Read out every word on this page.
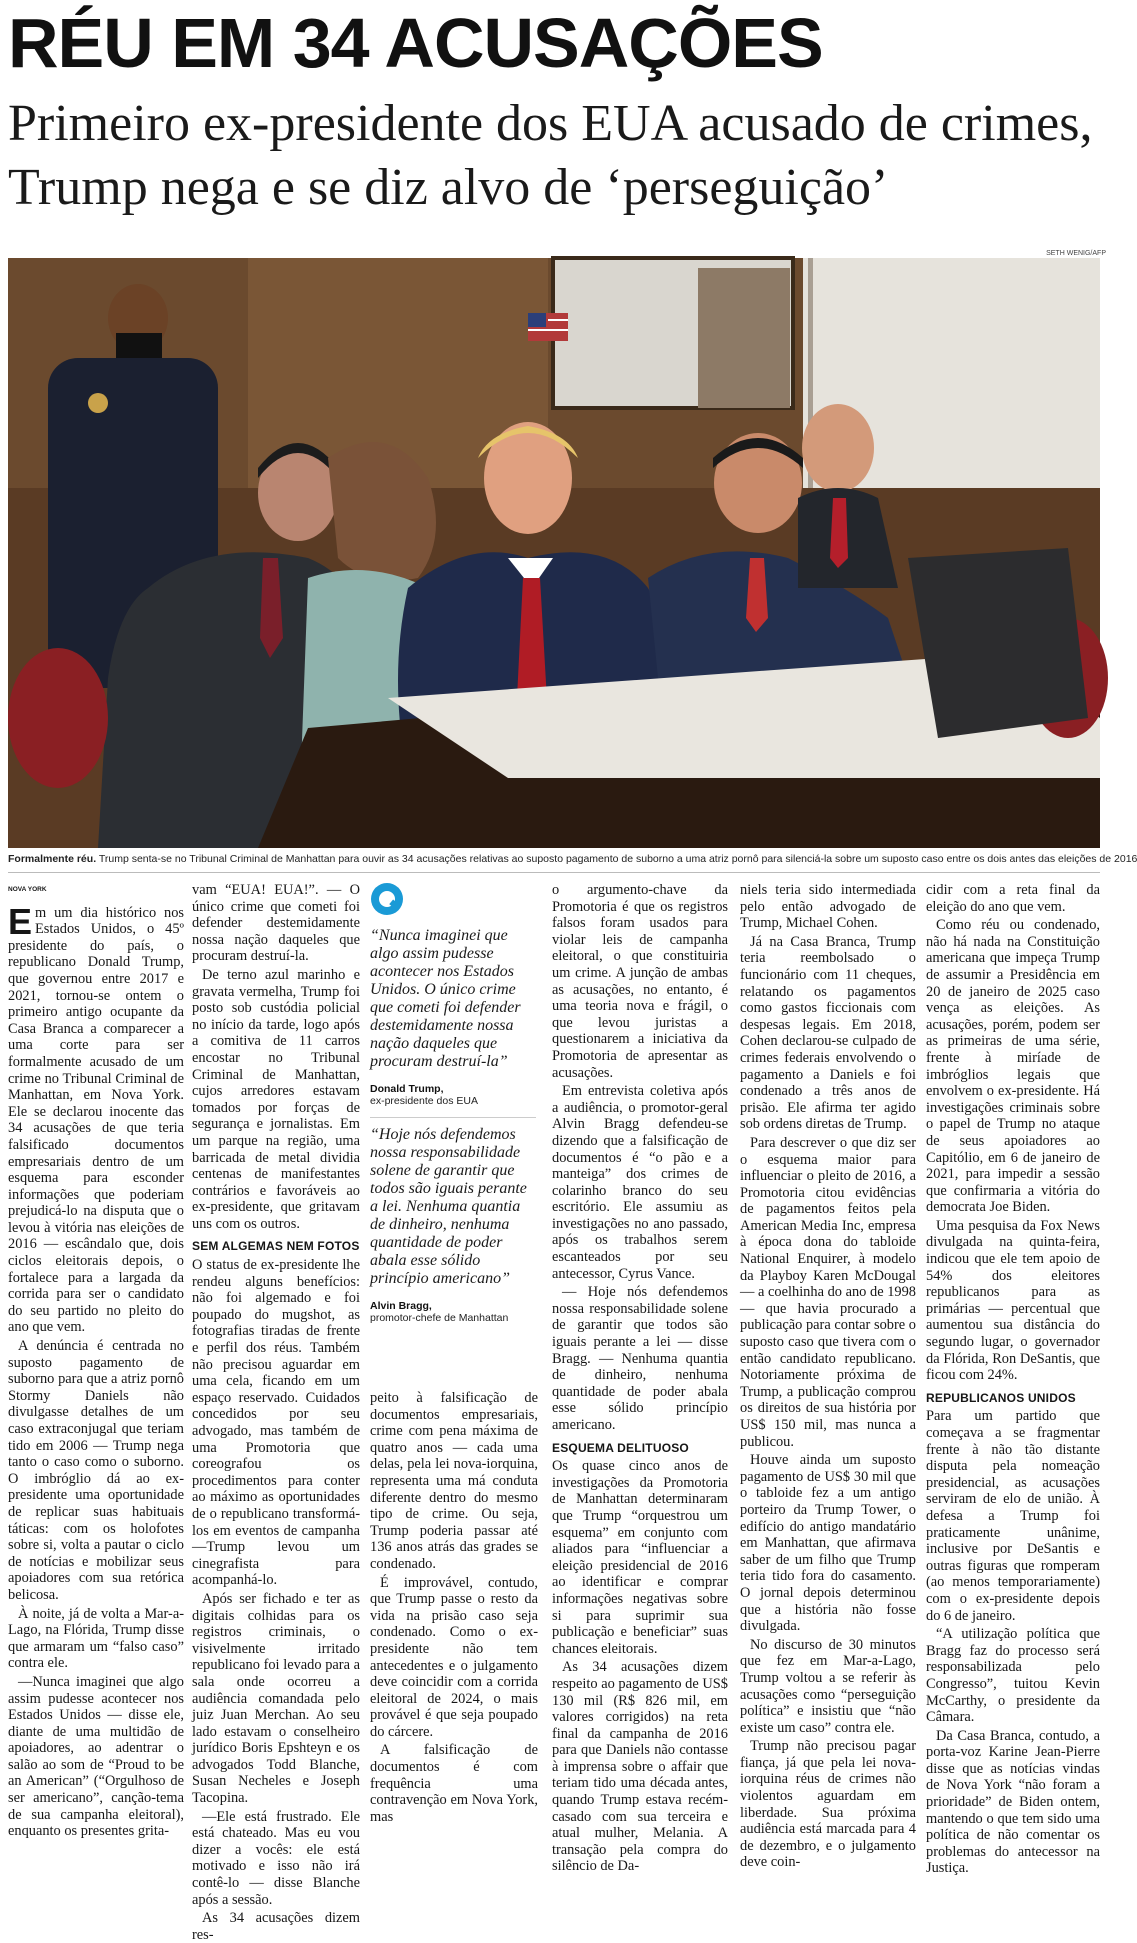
RÉU EM 34 ACUSAÇÕES
Primeiro ex-presidente dos EUA acusado de crimes, Trump nega e se diz alvo de ‘perseguição’
SETH WENIG/AFP
Formalmente réu. Trump senta-se no Tribunal Criminal de Manhattan para ouvir as 34 acusações relativas ao suposto pagamento de suborno a uma atriz pornô para silenciá-la sobre um suposto caso entre os dois antes das eleições de 2016
NOVA YORK

Em um dia histórico nos Estados Unidos, o 45º presidente do país, o republicano Donald Trump, que governou entre 2017 e 2021, tornou-se ontem o primeiro antigo ocupante da Casa Branca a comparecer a uma corte para ser formalmente acusado de um crime no Tribunal Criminal de Manhattan, em Nova York. Ele se declarou inocente das 34 acusações de que teria falsificado documentos empresariais dentro de um esquema para esconder informações que poderiam prejudicá-lo na disputa que o levou à vitória nas eleições de 2016 — escândalo que, dois ciclos eleitorais depois, o fortalece para a largada da corrida para ser o candidato do seu partido no pleito do ano que vem.

A denúncia é centrada no suposto pagamento de suborno para que a atriz pornô Stormy Daniels não divulgasse detalhes de um caso extraconjugal que teriam tido em 2006 — Trump nega tanto o caso como o suborno. O imbróglio dá ao ex-presidente uma oportunidade de replicar suas habituais táticas: com os holofotes sobre si, volta a pautar o ciclo de notícias e mobilizar seus apoiadores com sua retórica belicosa.

À noite, já de volta a Mar-a-Lago, na Flórida, Trump disse que armaram um “falso caso” contra ele.

—Nunca imaginei que algo assim pudesse acontecer nos Estados Unidos — disse ele, diante de uma multidão de apoiadores, ao adentrar o salão ao som de “Proud to be an American” (“Orgulhoso de ser americano”, canção-tema de sua campanha eleitoral), enquanto os presentes grita-

vam “EUA! EUA!”. — O único crime que cometi foi defender destemidamente nossa nação daqueles que procuram destruí-la.

De terno azul marinho e gravata vermelha, Trump foi posto sob custódia policial no início da tarde, logo após a comitiva de 11 carros encostar no Tribunal Criminal de Manhattan, cujos arredores estavam tomados por forças de segurança e jornalistas. Em um parque na região, uma barricada de metal dividia centenas de manifestantes contrários e favoráveis ao ex-presidente, que gritavam uns com os outros.

SEM ALGEMAS NEM FOTOS

O status de ex-presidente lhe rendeu alguns benefícios: não foi algemado e foi poupado do mugshot, as fotografias tiradas de frente e perfil dos réus. Também não precisou aguardar em uma cela, ficando em um espaço reservado. Cuidados concedidos por seu advogado, mas também de uma Promotoria que coreografou os procedimentos para conter ao máximo as oportunidades de o republicano transformá-los em eventos de campanha —Trump levou um cinegrafista para acompanhá-lo.

Após ser fichado e ter as digitais colhidas para os registros criminais, o visivelmente irritado republicano foi levado para a sala onde ocorreu a audiência comandada pelo juiz Juan Merchan. Ao seu lado estavam o conselheiro jurídico Boris Epshteyn e os advogados Todd Blanche, Susan Necheles e Joseph Tacopina.

—Ele está frustrado. Ele está chateado. Mas eu vou dizer a vocês: ele está motivado e isso não irá contê-lo — disse Blanche após a sessão.

As 34 acusações dizem res-

“Nunca imaginei que algo assim pudesse acontecer nos Estados Unidos. O único crime que cometi foi defender destemidamente nossa nação daqueles que procuram destruí-la”
Donald Trump,
ex-presidente dos EUA
“Hoje nós defendemos nossa responsabilidade solene de garantir que todos são iguais perante a lei. Nenhuma quantia de dinheiro, nenhuma quantidade de poder abala esse sólido princípio americano”
Alvin Bragg,
promotor-chefe de Manhattan

peito à falsificação de documentos empresariais, crime com pena máxima de quatro anos — cada uma delas, pela lei nova-iorquina, representa uma má conduta diferente dentro do mesmo tipo de crime. Ou seja, Trump poderia passar até 136 anos atrás das grades se condenado.

É improvável, contudo, que Trump passe o resto da vida na prisão caso seja condenado. Como o ex-presidente não tem antecedentes e o julgamento deve coincidir com a corrida eleitoral de 2024, o mais provável é que seja poupado do cárcere.

A falsificação de documentos é com frequência uma contravenção em Nova York, mas

o argumento-chave da Promotoria é que os registros falsos foram usados para violar leis de campanha eleitoral, o que constituiria um crime. A junção de ambas as acusações, no entanto, é uma teoria nova e frágil, o que levou juristas a questionarem a iniciativa da Promotoria de apresentar as acusações.

Em entrevista coletiva após a audiência, o promotor-geral Alvin Bragg defendeu-se dizendo que a falsificação de documentos é “o pão e a manteiga” dos crimes de colarinho branco do seu escritório. Ele assumiu as investigações no ano passado, após os trabalhos serem escanteados por seu antecessor, Cyrus Vance.

— Hoje nós defendemos nossa responsabilidade solene de garantir que todos são iguais perante a lei — disse Bragg. — Nenhuma quantia de dinheiro, nenhuma quantidade de poder abala esse sólido princípio americano.

ESQUEMA DELITUOSO

Os quase cinco anos de investigações da Promotoria de Manhattan determinaram que Trump “orquestrou um esquema” em conjunto com aliados para “influenciar a eleição presidencial de 2016 ao identificar e comprar informações negativas sobre si para suprimir sua publicação e beneficiar” suas chances eleitorais.

As 34 acusações dizem respeito ao pagamento de US$ 130 mil (R$ 826 mil, em valores corrigidos) na reta final da campanha de 2016 para que Daniels não contasse à imprensa sobre o affair que teriam tido uma década antes, quando Trump estava recém-casado com sua terceira e atual mulher, Melania. A transação pela compra do silêncio de Da-

niels teria sido intermediada pelo então advogado de Trump, Michael Cohen.

Já na Casa Branca, Trump teria reembolsado o funcionário com 11 cheques, relatando os pagamentos como gastos ficcionais com despesas legais. Em 2018, Cohen declarou-se culpado de crimes federais envolvendo o pagamento a Daniels e foi condenado a três anos de prisão. Ele afirma ter agido sob ordens diretas de Trump.

Para descrever o que diz ser o esquema maior para influenciar o pleito de 2016, a Promotoria citou evidências de pagamentos feitos pela American Media Inc, empresa à época dona do tabloide National Enquirer, à modelo da Playboy Karen McDougal — a coelhinha do ano de 1998 — que havia procurado a publicação para contar sobre o suposto caso que tivera com o então candidato republicano. Notoriamente próxima de Trump, a publicação comprou os direitos de sua história por US$ 150 mil, mas nunca a publicou.

Houve ainda um suposto pagamento de US$ 30 mil que o tabloide fez a um antigo porteiro da Trump Tower, o edifício do antigo mandatário em Manhattan, que afirmava saber de um filho que Trump teria tido fora do casamento. O jornal depois determinou que a história não fosse divulgada.

No discurso de 30 minutos que fez em Mar-a-Lago, Trump voltou a se referir às acusações como “perseguição política” e insistiu que “não existe um caso” contra ele.

Trump não precisou pagar fiança, já que pela lei nova-iorquina réus de crimes não violentos aguardam em liberdade. Sua próxima audiência está marcada para 4 de dezembro, e o julgamento deve coin-

cidir com a reta final da eleição do ano que vem.

Como réu ou condenado, não há nada na Constituição americana que impeça Trump de assumir a Presidência em 20 de janeiro de 2025 caso vença as eleições. As acusações, porém, podem ser as primeiras de uma série, frente à miríade de imbróglios legais que envolvem o ex-presidente. Há investigações criminais sobre o papel de Trump no ataque de seus apoiadores ao Capitólio, em 6 de janeiro de 2021, para impedir a sessão que confirmaria a vitória do democrata Joe Biden.

Uma pesquisa da Fox News divulgada na quinta-feira, indicou que ele tem apoio de 54% dos eleitores republicanos para as primárias — percentual que aumentou sua distância do segundo lugar, o governador da Flórida, Ron DeSantis, que ficou com 24%.

REPUBLICANOS UNIDOS

Para um partido que começava a se fragmentar frente à não tão distante disputa pela nomeação presidencial, as acusações serviram de elo de união. À defesa a Trump foi praticamente unânime, inclusive por DeSantis e outras figuras que romperam (ao menos temporariamente) com o ex-presidente depois do 6 de janeiro.

“A utilização política que Bragg faz do processo será responsabilizada pelo Congresso”, tuitou Kevin McCarthy, o presidente da Câmara.

Da Casa Branca, contudo, a porta-voz Karine Jean-Pierre disse que as notícias vindas de Nova York “não foram a prioridade” de Biden ontem, mantendo o que tem sido uma política de não comentar os problemas do antecessor na Justiça.
